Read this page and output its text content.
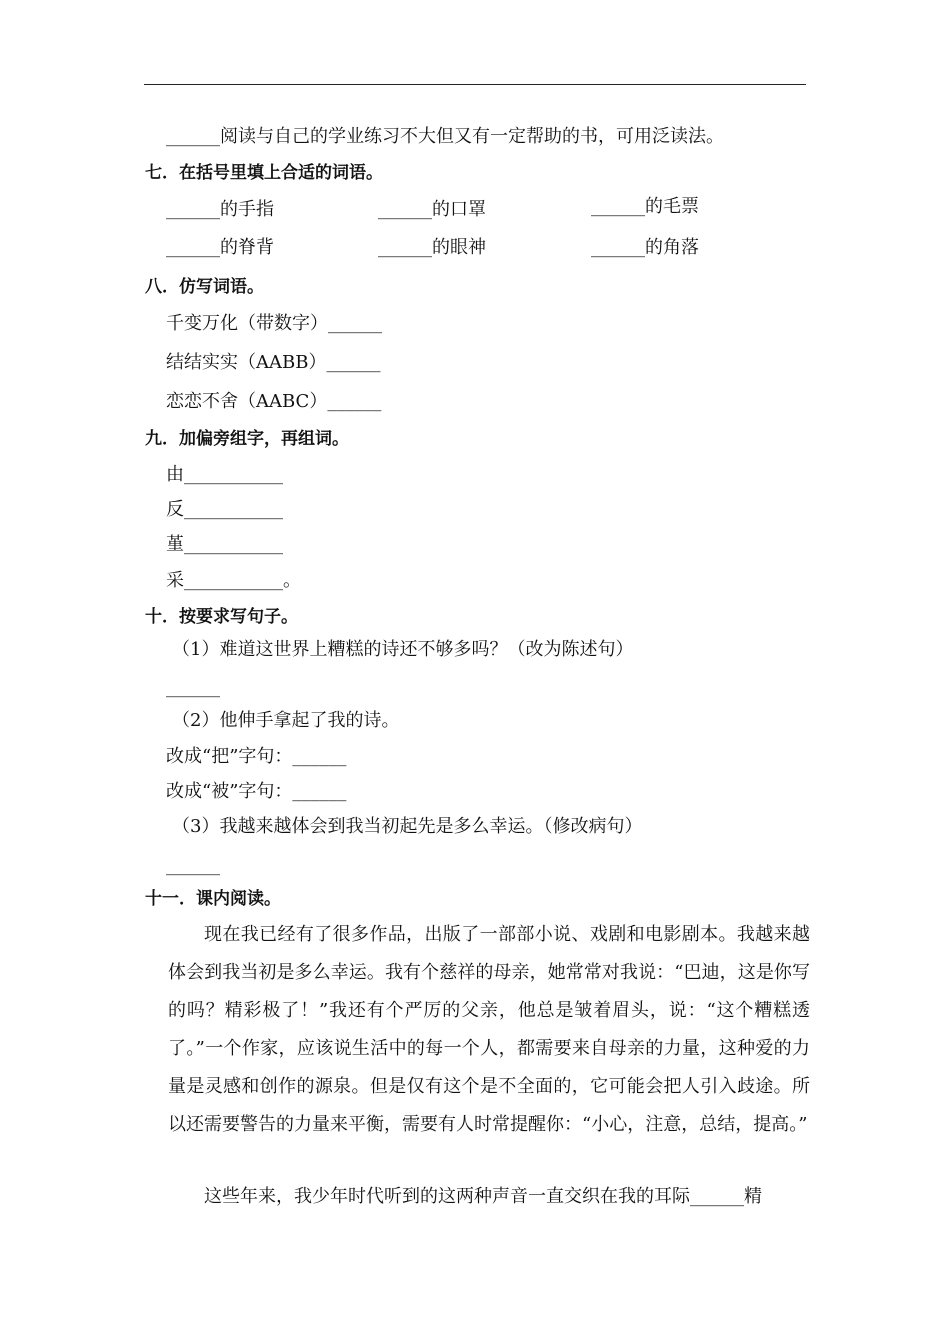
______阅读与自己的学业练习不大但又有一定帮助的书，可用泛读法。
七．在括号里填上合适的词语。
______的手指	______的口罩	______的毛票
______的脊背	______的眼神	______的角落
八．仿写词语。
千变万化（带数字）______
结结实实（AABB）______
恋恋不舍（AABC）______
九．加偏旁组字，再组词。
由___________
反___________
堇___________
采___________。
十．按要求写句子。
（1）难道这世界上糟糕的诗还不够多吗？（改为陈述句）
______
（2）他伸手拿起了我的诗。
改成“把”字句：______
改成“被”字句：______
（3）我越来越体会到我当初起先是多么幸运。（修改病句）
______
十一．课内阅读。
现在我已经有了很多作品，出版了一部部小说、戏剧和电影剧本。我越来越体会到我当初是多么幸运。我有个慈祥的母亲，她常常对我说：“巴迪，这是你写的吗？精彩极了！”我还有个严厉的父亲，他总是皱着眉头，说：“这个糟糕透了。”一个作家，应该说生活中的每一个人，都需要来自母亲的力量，这种爱的力量是灵感和创作的源泉。但是仅有这个是不全面的，它可能会把人引入歧途。所以还需要警告的力量来平衡，需要有人时常提醒你：“小心，注意，总结，提高。”
这些年来，我少年时代听到的这两种声音一直交织在我的耳际______精
